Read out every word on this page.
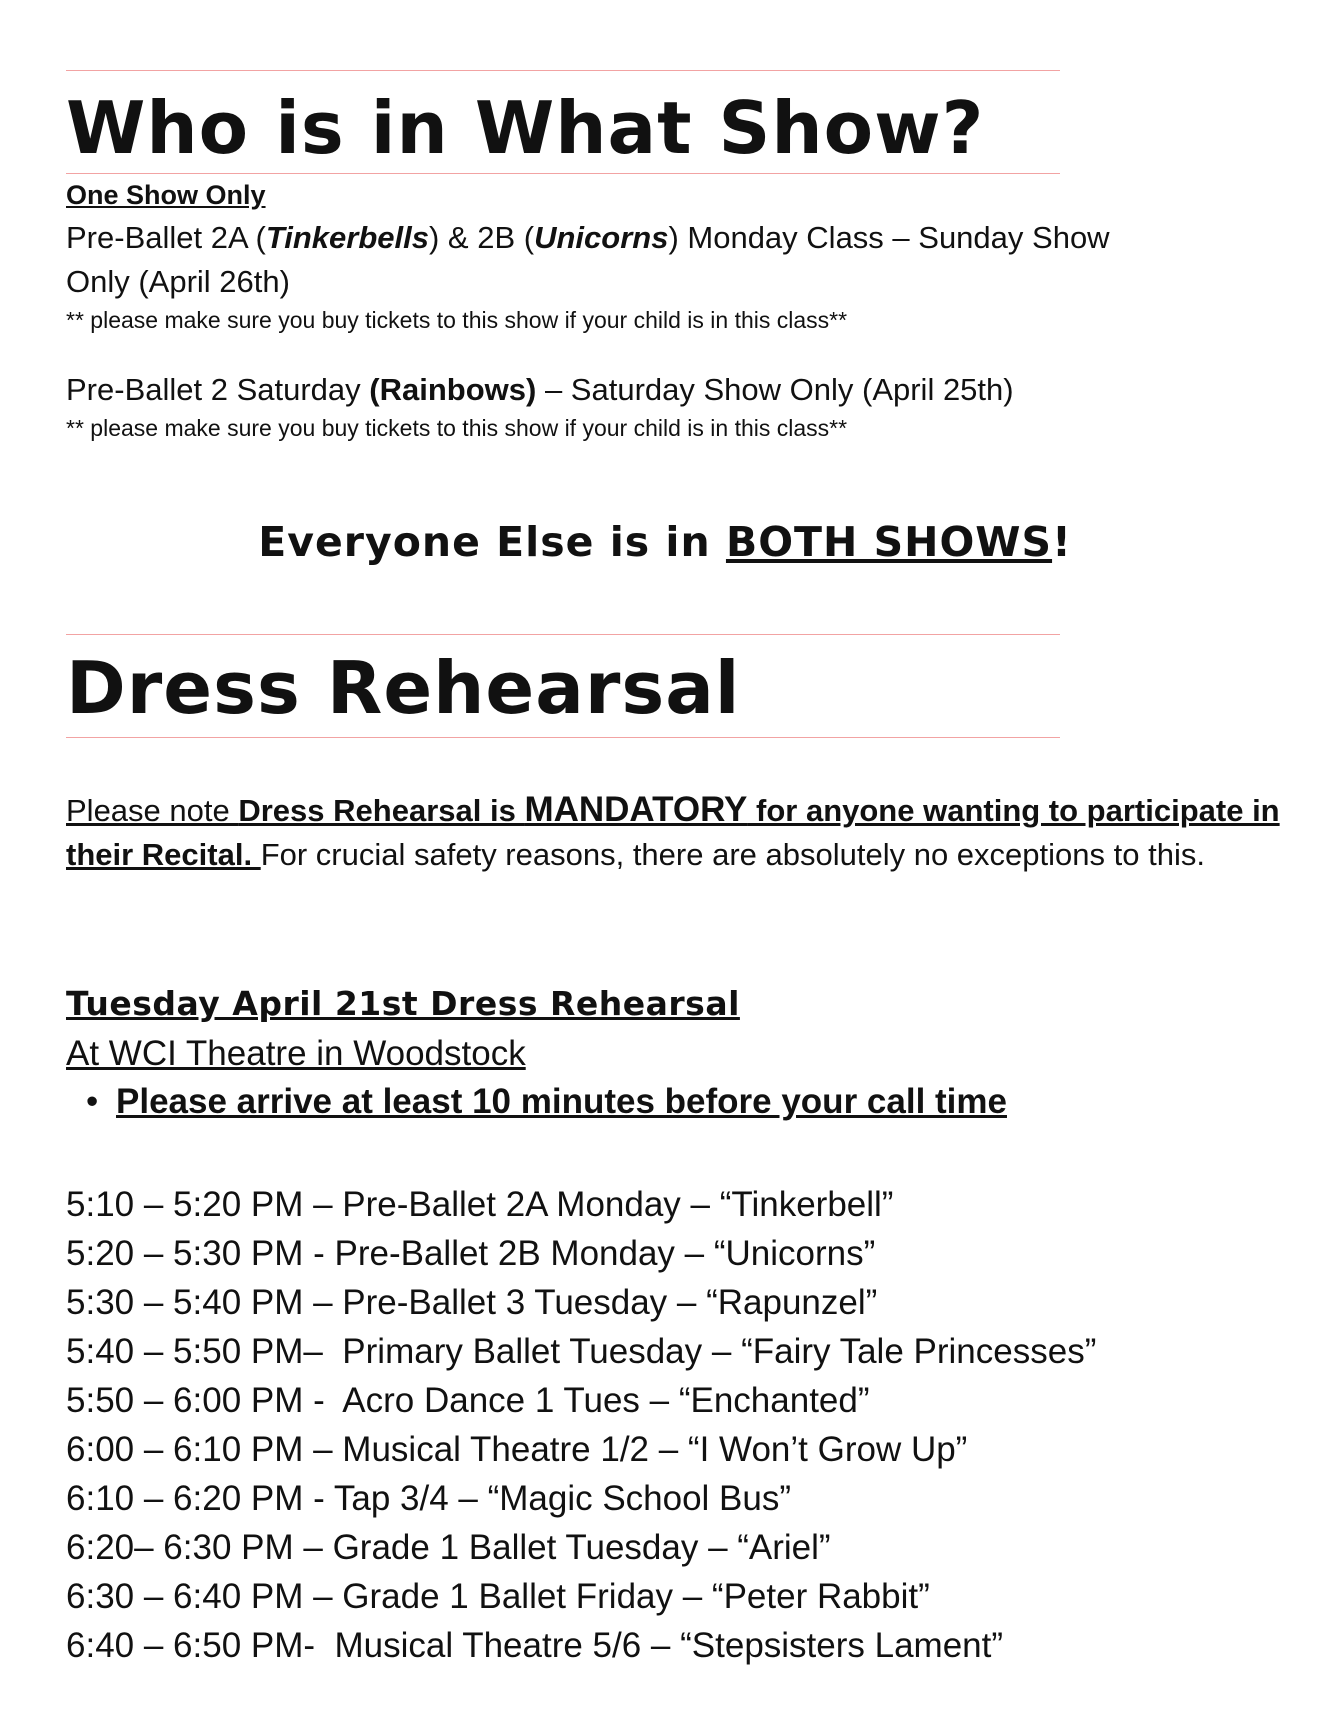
Who is in What Show?
One Show Only
Pre-Ballet 2A (Tinkerbells) & 2B (Unicorns) Monday Class – Sunday Show
Only (April 26th)
** please make sure you buy tickets to this show if your child is in this class**
Pre-Ballet 2 Saturday (Rainbows) – Saturday Show Only (April 25th)
** please make sure you buy tickets to this show if your child is in this class**
Everyone Else is in BOTH SHOWS!
Dress Rehearsal
Please note Dress Rehearsal is MANDATORY for anyone wanting to participate in their Recital. For crucial safety reasons, there are absolutely no exceptions to this.
Tuesday April 21st Dress Rehearsal
At WCI Theatre in Woodstock
• Please arrive at least 10 minutes before your call time
5:10 – 5:20 PM – Pre-Ballet 2A Monday – “Tinkerbell”
5:20 – 5:30 PM - Pre-Ballet 2B Monday – “Unicorns”
5:30 – 5:40 PM – Pre-Ballet 3 Tuesday – “Rapunzel”
5:40 – 5:50 PM–  Primary Ballet Tuesday – “Fairy Tale Princesses”
5:50 – 6:00 PM -  Acro Dance 1 Tues – “Enchanted”
6:00 – 6:10 PM – Musical Theatre 1/2 – “I Won’t Grow Up”
6:10 – 6:20 PM - Tap 3/4 – “Magic School Bus”
6:20– 6:30 PM – Grade 1 Ballet Tuesday – “Ariel”
6:30 – 6:40 PM – Grade 1 Ballet Friday – “Peter Rabbit”
6:40 – 6:50 PM-  Musical Theatre 5/6 – “Stepsisters Lament”
